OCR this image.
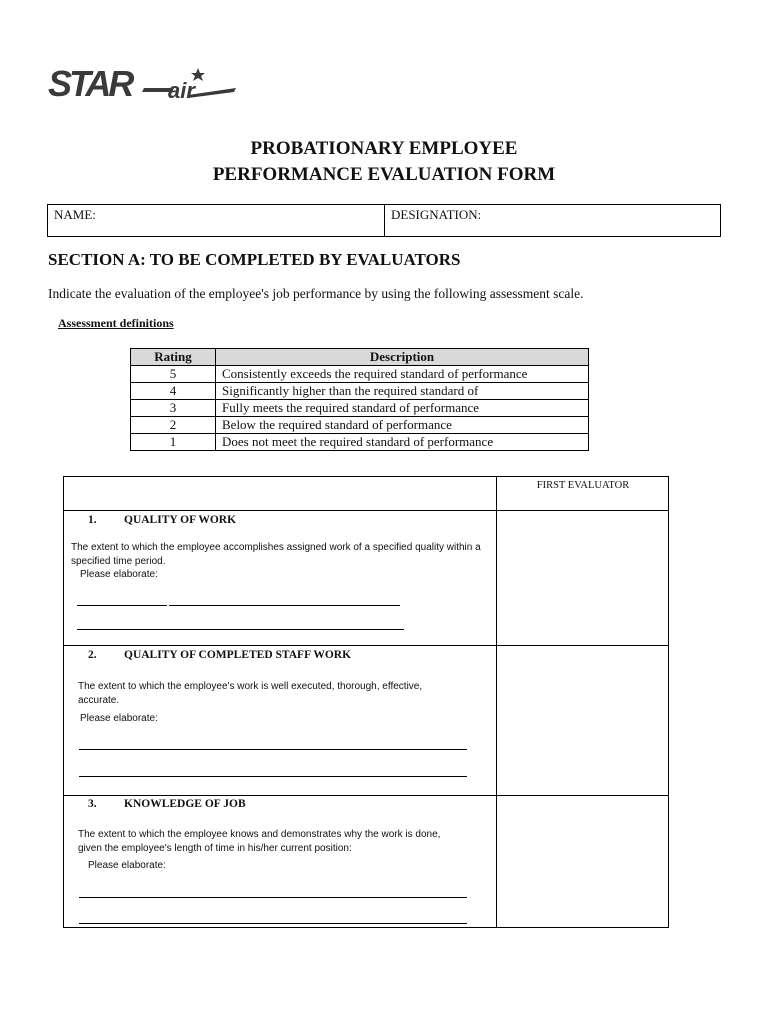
STAR air
PROBATIONARY EMPLOYEE
PERFORMANCE EVALUATION FORM
NAME:	DESIGNATION:
SECTION A: TO BE COMPLETED BY EVALUATORS
Indicate the evaluation of the employee's job performance by using the following assessment scale.
Assessment definitions
Rating	Description
5	Consistently exceeds the required standard of performance
4	Significantly higher than the required standard of
3	Fully meets the required standard of performance
2	Below the required standard of performance
1	Does not meet the required standard of performance
FIRST EVALUATOR
1. QUALITY OF WORK
The extent to which the employee accomplishes assigned work of a specified quality within a specified time period.
Please elaborate:
2. QUALITY OF COMPLETED STAFF WORK
The extent to which the employee's work is well executed, thorough, effective, accurate.
Please elaborate:
3. KNOWLEDGE OF JOB
The extent to which the employee knows and demonstrates why the work is done, given the employee's length of time in his/her current position:
Please elaborate:
